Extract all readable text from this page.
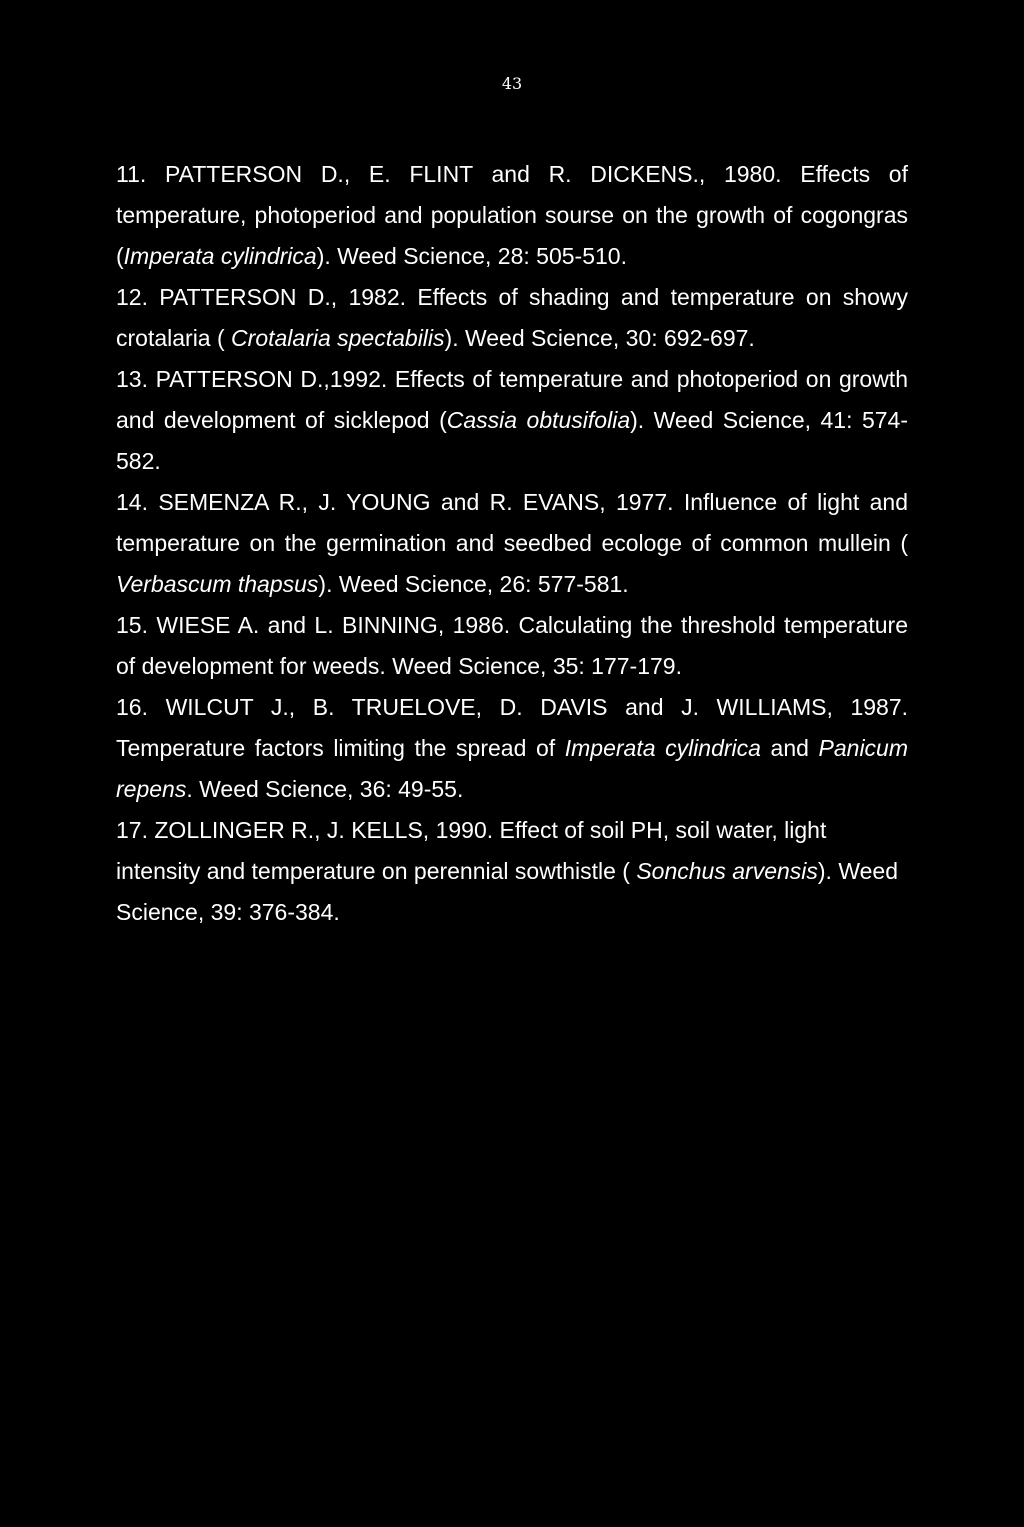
43

11. PATTERSON D., E. FLINT and R. DICKENS., 1980. Effects of temperature, photoperiod and population sourse on the growth of cogongras (Imperata cylindrica). Weed Science, 28: 505-510.

12. PATTERSON D., 1982. Effects of shading and temperature on showy crotalaria ( Crotalaria spectabilis). Weed Science, 30: 692-697.

13. PATTERSON D.,1992. Effects of temperature and photoperiod on growth and development of sicklepod (Cassia obtusifolia). Weed Science, 41: 574-582.

14. SEMENZA R., J. YOUNG and R. EVANS, 1977. Influence of light and temperature on the germination and seedbed ecologe of common mullein ( Verbascum thapsus). Weed Science, 26: 577-581.

15. WIESE A. and L. BINNING, 1986. Calculating the threshold temperature of development for weeds. Weed Science, 35: 177-179.

16. WILCUT J., B. TRUELOVE, D. DAVIS and J. WILLIAMS, 1987. Temperature factors limiting the spread of Imperata cylindrica and Panicum repens. Weed Science, 36: 49-55.

17. ZOLLINGER R., J. KELLS, 1990. Effect of soil PH, soil water, light intensity and temperature on perennial sowthistle ( Sonchus arvensis). Weed Science, 39: 376-384.
